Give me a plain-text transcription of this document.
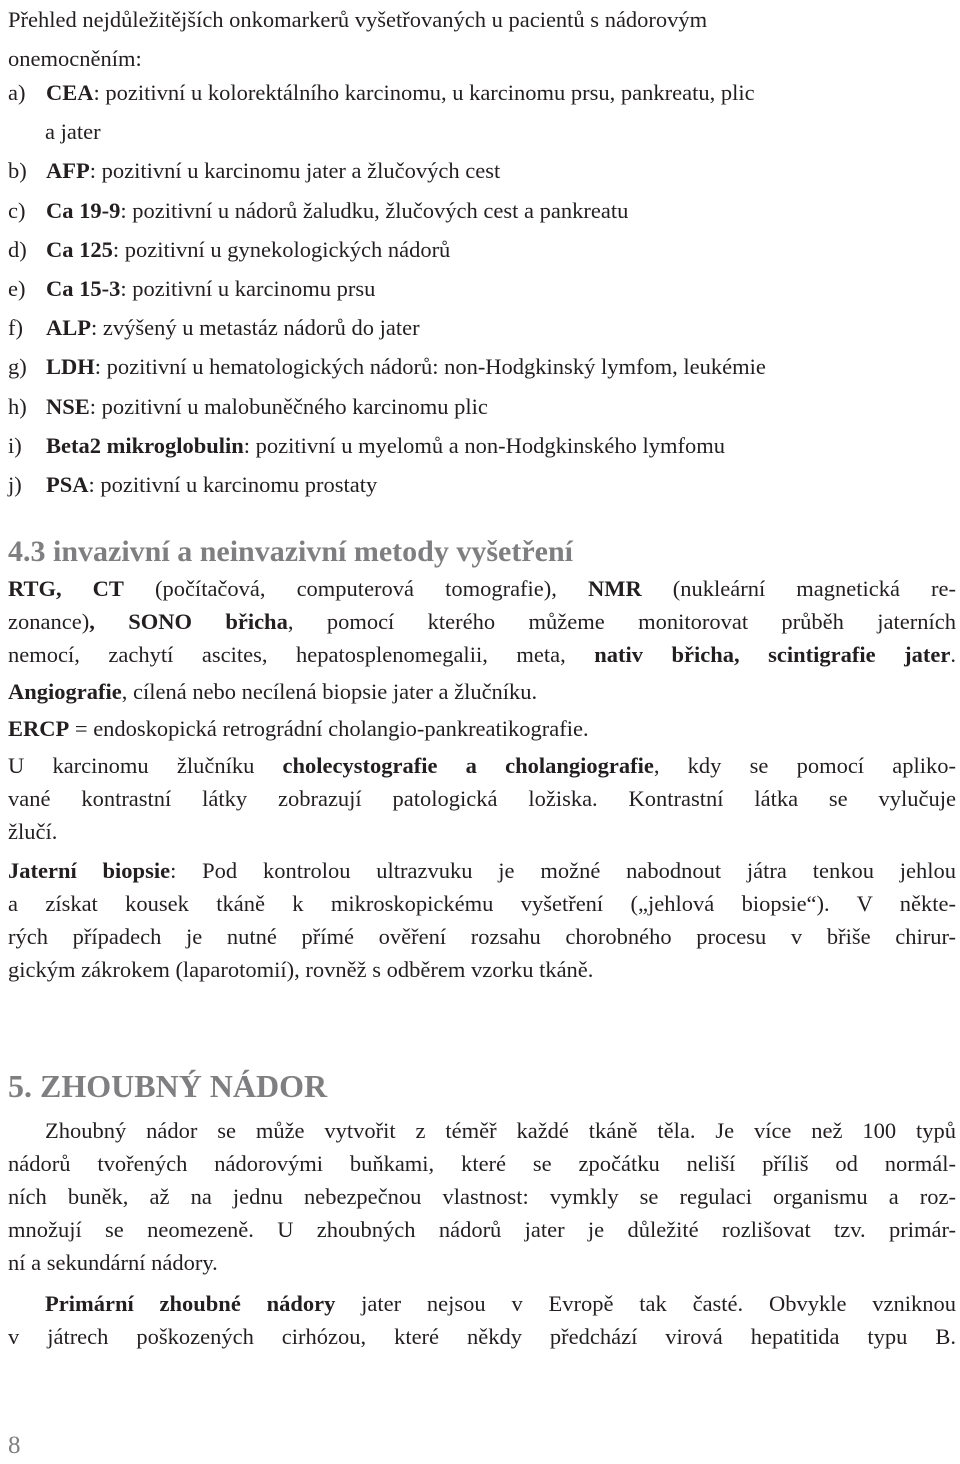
Přehled nejdůležitějších onkomarkerů vyšetřovaných u pacientů s nádorovým
onemocněním:
a) CEA: pozitivní u kolorektálního karcinomu, u karcinomu prsu, pankreatu, plic
a jater
b) AFP: pozitivní u karcinomu jater a žlučových cest
c) Ca 19-9: pozitivní u nádorů žaludku, žlučových cest a pankreatu
d) Ca 125: pozitivní u gynekologických nádorů
e) Ca 15-3: pozitivní u karcinomu prsu
f) ALP: zvýšený u metastáz nádorů do jater
g) LDH: pozitivní u hematologických nádorů: non-Hodgkinský lymfom, leukémie
h) NSE: pozitivní u malobuněčného karcinomu plic
i) Beta2 mikroglobulin: pozitivní u myelomů a non-Hodgkinského lymfomu
j) PSA: pozitivní u karcinomu prostaty
4.3 invazivní a neinvazivní metody vyšetření
RTG, CT (počítačová, computerová tomografie), NMR (nukleární magnetická re-
zonance), SONO břicha, pomocí kterého můžeme monitorovat průběh jaterních
nemocí, zachytí ascites, hepatosplenomegalii, meta, nativ břicha, scintigrafie jater.
Angiografie, cílená nebo necílená biopsie jater a žlučníku.
ERCP = endoskopická retrográdní cholangio-pankreatikografie.
U karcinomu žlučníku cholecystografie a cholangiografie, kdy se pomocí apliko-
vané kontrastní látky zobrazují patologická ložiska. Kontrastní látka se vylučuje
žlučí.
Jaterní biopsie: Pod kontrolou ultrazvuku je možné nabodnout játra tenkou jehlou
a získat kousek tkáně k mikroskopickému vyšetření („jehlová biopsie“). V někte-
rých případech je nutné přímé ověření rozsahu chorobného procesu v břiše chirur-
gickým zákrokem (laparotomií), rovněž s odběrem vzorku tkáně.
5. ZHOUBNÝ NÁDOR
Zhoubný nádor se může vytvořit z téměř každé tkáně těla. Je více než 100 typů
nádorů tvořených nádorovými buňkami, které se zpočátku neliší příliš od normál-
ních buněk, až na jednu nebezpečnou vlastnost: vymkly se regulaci organismu a roz-
množují se neomezeně. U zhoubných nádorů jater je důležité rozlišovat tzv. primár-
ní a sekundární nádory.
Primární zhoubné nádory jater nejsou v Evropě tak časté. Obvykle vzniknou
v játrech poškozených cirhózou, které někdy předchází virová hepatitida typu B.
8
